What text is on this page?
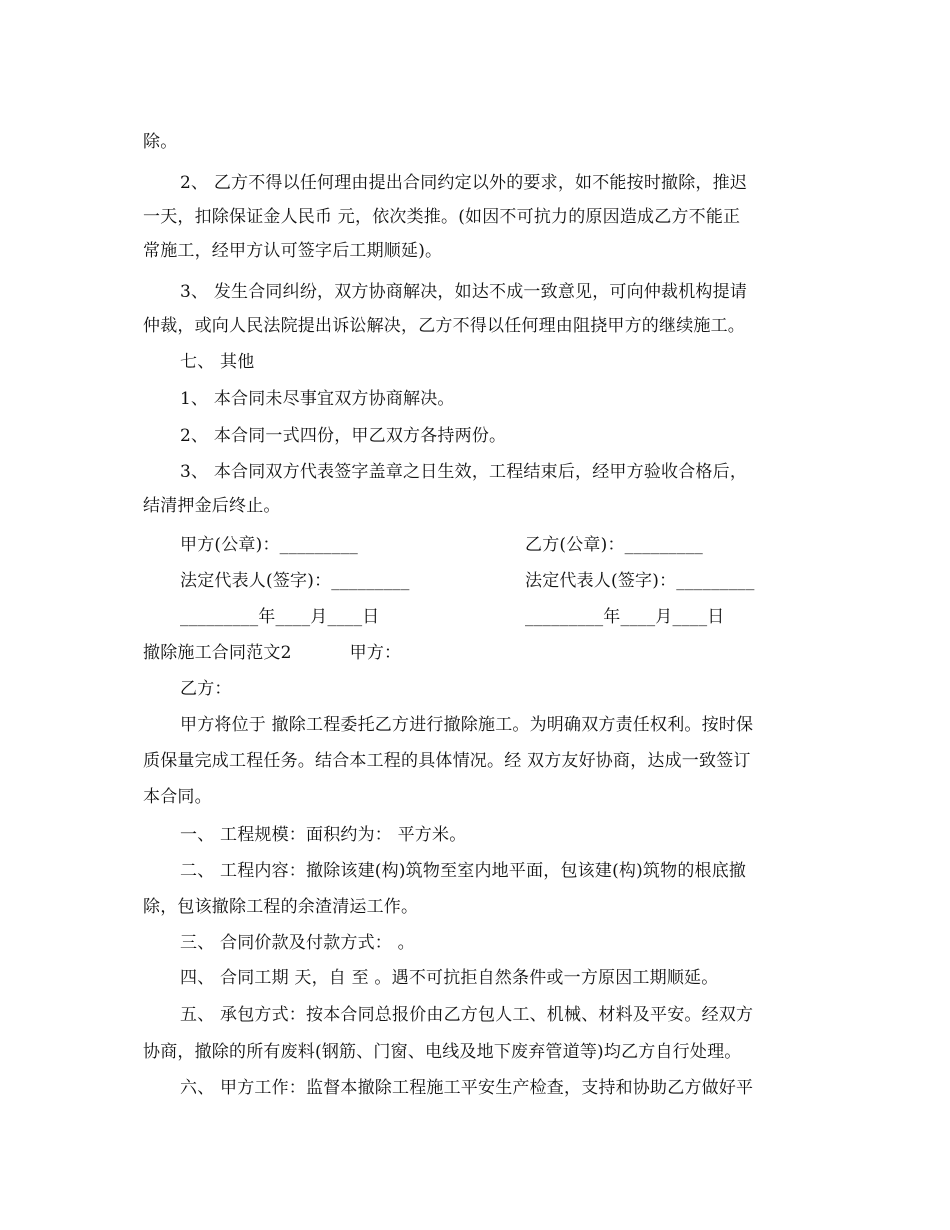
除。
2、 乙方不得以任何理由提出合同约定以外的要求，如不能按时撤除，推迟
一天，扣除保证金人民币 元，依次类推。(如因不可抗力的原因造成乙方不能正
常施工，经甲方认可签字后工期顺延)。
3、 发生合同纠纷，双方协商解决，如达不成一致意见，可向仲裁机构提请
仲裁，或向人民法院提出诉讼解决，乙方不得以任何理由阻挠甲方的继续施工。
七、 其他
1、 本合同未尽事宜双方协商解决。
2、 本合同一式四份，甲乙双方各持两份。
3、 本合同双方代表签字盖章之日生效，工程结束后，经甲方验收合格后，
结清押金后终止。
甲方(公章)：_________	乙方(公章)：_________
法定代表人(签字)：_________	法定代表人(签字)：_________
_________年____月____日	_________年____月____日
撤除施工合同范文2	甲方：
乙方：
甲方将位于 撤除工程委托乙方进行撤除施工。为明确双方责任权利。按时保
质保量完成工程任务。结合本工程的具体情况。经 双方友好协商，达成一致签订
本合同。
一、 工程规模：面积约为： 平方米。
二、 工程内容：撤除该建(构)筑物至室内地平面，包该建(构)筑物的根底撤
除，包该撤除工程的余渣清运工作。
三、 合同价款及付款方式： 。
四、 合同工期 天，自 至 。遇不可抗拒自然条件或一方原因工期顺延。
五、 承包方式：按本合同总报价由乙方包人工、机械、材料及平安。经双方
协商，撤除的所有废料(钢筋、门窗、电线及地下废弃管道等)均乙方自行处理。
六、 甲方工作：监督本撤除工程施工平安生产检查，支持和协助乙方做好平
